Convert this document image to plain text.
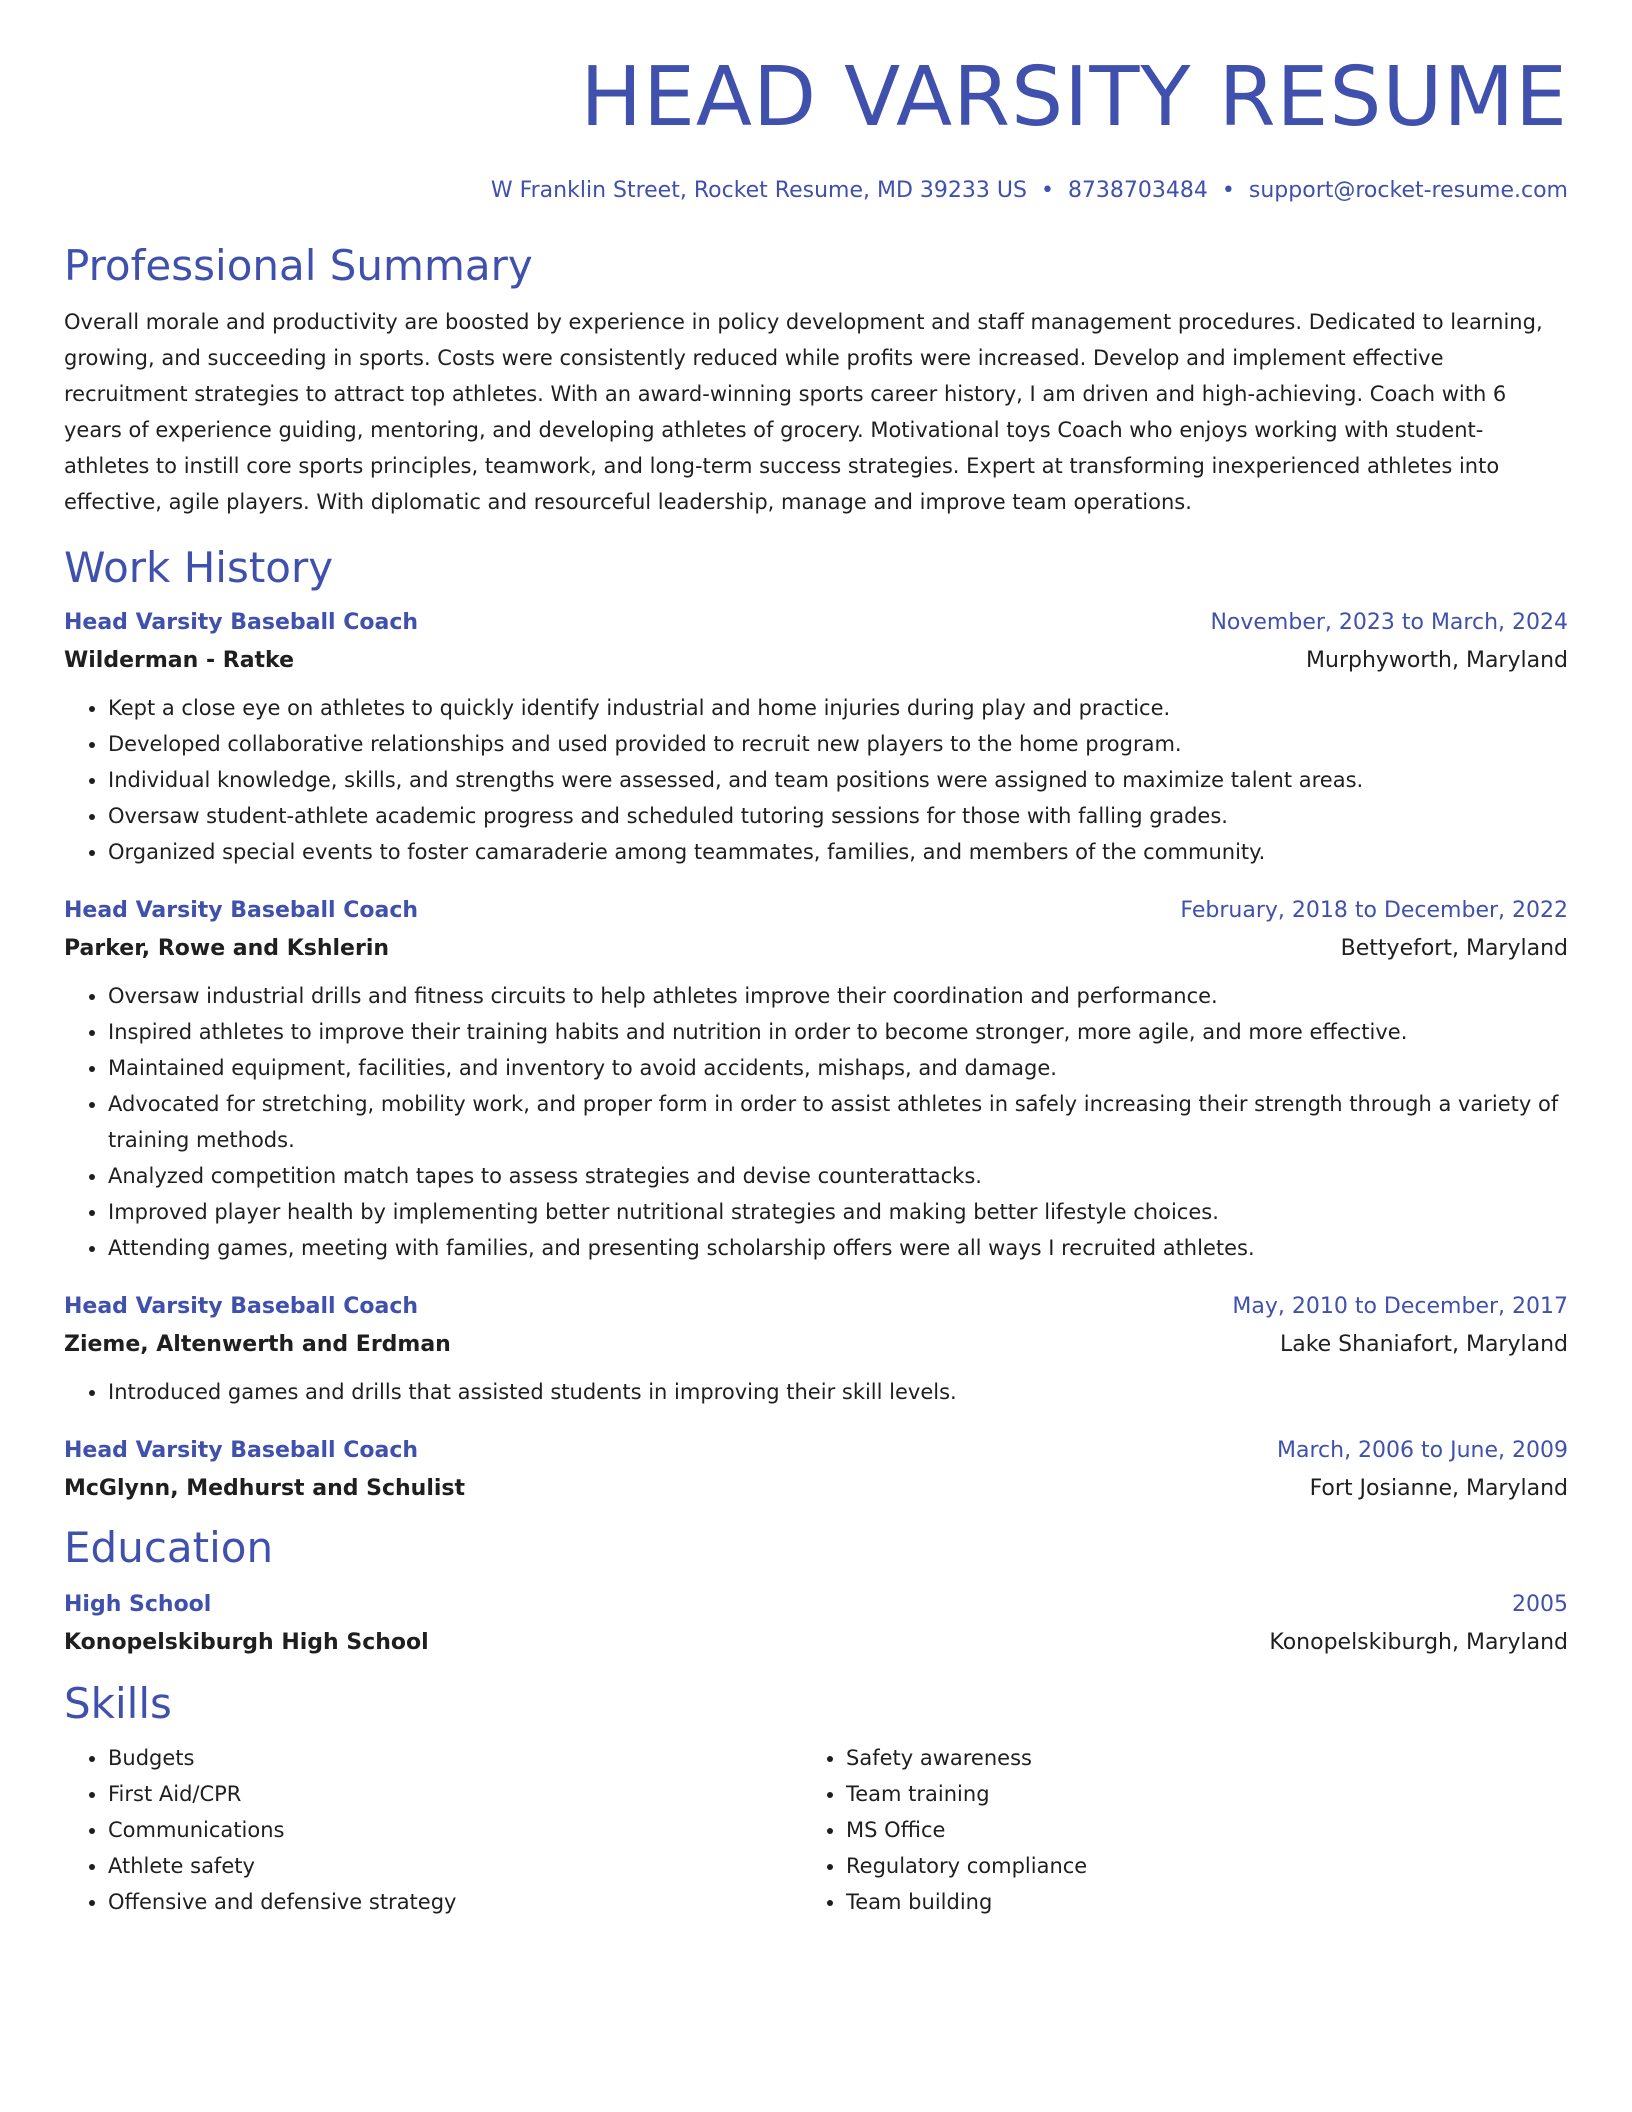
HEAD VARSITY RESUME
W Franklin Street, Rocket Resume, MD 39233 US • 8738703484 • support@rocket-resume.com
Professional Summary
Overall morale and productivity are boosted by experience in policy development and staff management procedures. Dedicated to learning, growing, and succeeding in sports. Costs were consistently reduced while profits were increased. Develop and implement effective recruitment strategies to attract top athletes. With an award-winning sports career history, I am driven and high-achieving. Coach with 6 years of experience guiding, mentoring, and developing athletes of grocery. Motivational toys Coach who enjoys working with student-athletes to instill core sports principles, teamwork, and long-term success strategies. Expert at transforming inexperienced athletes into effective, agile players. With diplomatic and resourceful leadership, manage and improve team operations.
Work History
Head Varsity Baseball Coach	November, 2023 to March, 2024
Wilderman - Ratke	Murphyworth, Maryland
• Kept a close eye on athletes to quickly identify industrial and home injuries during play and practice.
• Developed collaborative relationships and used provided to recruit new players to the home program.
• Individual knowledge, skills, and strengths were assessed, and team positions were assigned to maximize talent areas.
• Oversaw student-athlete academic progress and scheduled tutoring sessions for those with falling grades.
• Organized special events to foster camaraderie among teammates, families, and members of the community.
Head Varsity Baseball Coach	February, 2018 to December, 2022
Parker, Rowe and Kshlerin	Bettyefort, Maryland
• Oversaw industrial drills and fitness circuits to help athletes improve their coordination and performance.
• Inspired athletes to improve their training habits and nutrition in order to become stronger, more agile, and more effective.
• Maintained equipment, facilities, and inventory to avoid accidents, mishaps, and damage.
• Advocated for stretching, mobility work, and proper form in order to assist athletes in safely increasing their strength through a variety of training methods.
• Analyzed competition match tapes to assess strategies and devise counterattacks.
• Improved player health by implementing better nutritional strategies and making better lifestyle choices.
• Attending games, meeting with families, and presenting scholarship offers were all ways I recruited athletes.
Head Varsity Baseball Coach	May, 2010 to December, 2017
Zieme, Altenwerth and Erdman	Lake Shaniafort, Maryland
• Introduced games and drills that assisted students in improving their skill levels.
Head Varsity Baseball Coach	March, 2006 to June, 2009
McGlynn, Medhurst and Schulist	Fort Josianne, Maryland
Education
High School	2005
Konopelskiburgh High School	Konopelskiburgh, Maryland
Skills
• Budgets
• First Aid/CPR
• Communications
• Athlete safety
• Offensive and defensive strategy
• Safety awareness
• Team training
• MS Office
• Regulatory compliance
• Team building
